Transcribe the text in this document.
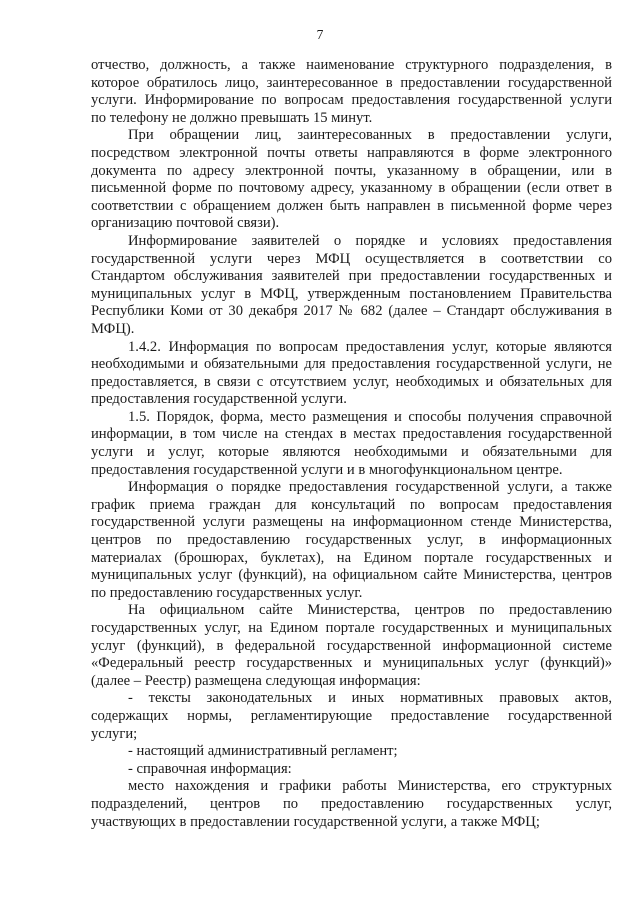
7
отчество, должность, а также наименование структурного подразделения, в
которое обратилось лицо, заинтересованное в предоставлении государственной
услуги. Информирование по вопросам предоставления государственной услуги
по телефону не должно превышать 15 минут.
При обращении лиц, заинтересованных в предоставлении услуги,
посредством электронной почты ответы направляются в форме электронного
документа по адресу электронной почты, указанному в обращении, или в
письменной форме по почтовому адресу, указанному в обращении (если ответ в
соответствии с обращением должен быть направлен в письменной форме через
организацию почтовой связи).
Информирование заявителей о порядке и условиях предоставления
государственной услуги через МФЦ осуществляется в соответствии со
Стандартом обслуживания заявителей при предоставлении государственных и
муниципальных услуг в МФЦ, утвержденным постановлением Правительства
Республики Коми от 30 декабря 2017 № 682 (далее – Стандарт обслуживания в
МФЦ).
1.4.2. Информация по вопросам предоставления услуг, которые являются
необходимыми и обязательными для предоставления государственной услуги, не
предоставляется, в связи с отсутствием услуг, необходимых и обязательных для
предоставления государственной услуги.
1.5. Порядок, форма, место размещения и способы получения справочной
информации, в том числе на стендах в местах предоставления государственной
услуги и услуг, которые являются необходимыми и обязательными для
предоставления государственной услуги и в многофункциональном центре.
Информация о порядке предоставления государственной услуги, а также
график приема граждан для консультаций по вопросам предоставления
государственной услуги размещены на информационном стенде Министерства,
центров по предоставлению государственных услуг, в информационных
материалах (брошюрах, буклетах), на Едином портале государственных и
муниципальных услуг (функций), на официальном сайте Министерства, центров
по предоставлению государственных услуг.
На официальном сайте Министерства, центров по предоставлению
государственных услуг, на Едином портале государственных и муниципальных
услуг (функций), в федеральной государственной информационной системе
«Федеральный реестр государственных и муниципальных услуг (функций)»
(далее – Реестр) размещена следующая информация:
- тексты законодательных и иных нормативных правовых актов,
содержащих нормы, регламентирующие предоставление государственной
услуги;
- настоящий административный регламент;
- справочная информация:
место нахождения и графики работы Министерства, его структурных
подразделений, центров по предоставлению государственных услуг,
участвующих в предоставлении государственной услуги, а также МФЦ;
